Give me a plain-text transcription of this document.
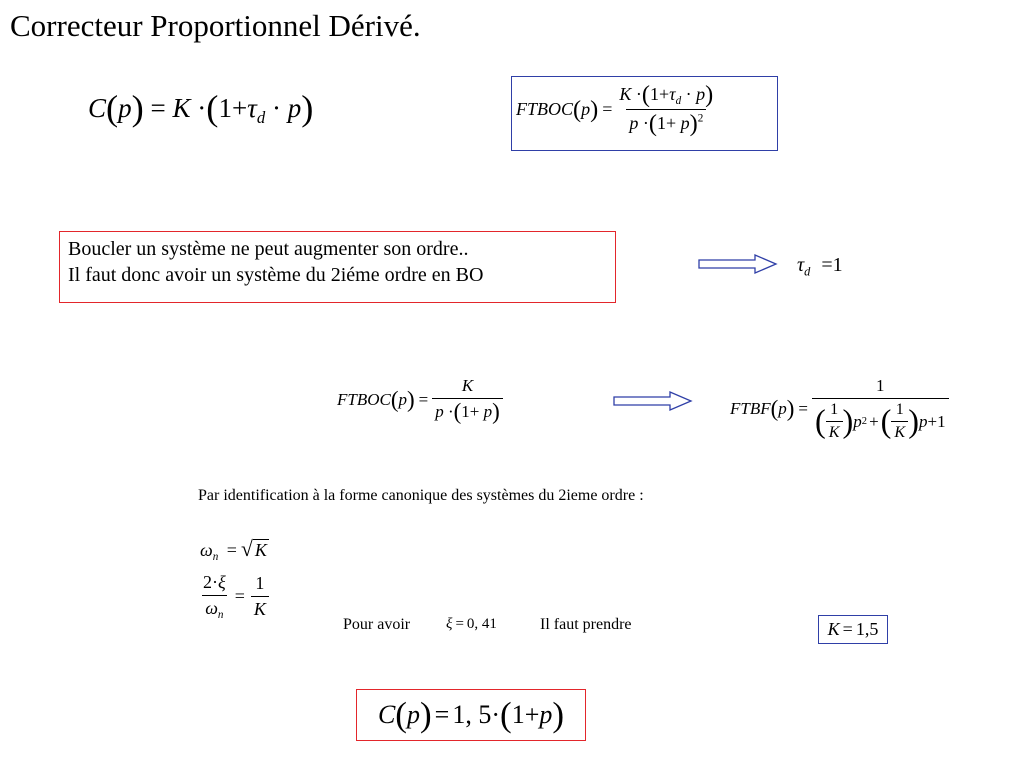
Correcteur Proportionnel Dérivé.
$C(p) = K \cdot(1+\tau_d \cdot p)$	FTBOC ( p ) = $\frac{K \cdot(1+\tau_d \cdot p)}{p \cdot(1+ p)^2}$
Boucler un système ne peut augmenter son ordre..
Il faut donc avoir un système du 2iéme ordre en BO	$\tau_d =1$
FTBOC ( p ) = $\frac{K}{p \cdot(1+ p)}$	FTBF ( p ) =
1
( $\frac{1}{K}$ ) p 2 + ( $\frac{1}{K}$ ) p + 1
Par identification à la forme canonique des systèmes du 2ieme ordre :
$\omega_n$ = √ K
$\frac{2\cdot\xi}{\omega_n} = \frac{1}{K}$
Pour avoir ξ = 0, 41	Il faut prendre	K = 1,5
C ( p ) = 1, 5 · ( 1 + p )
